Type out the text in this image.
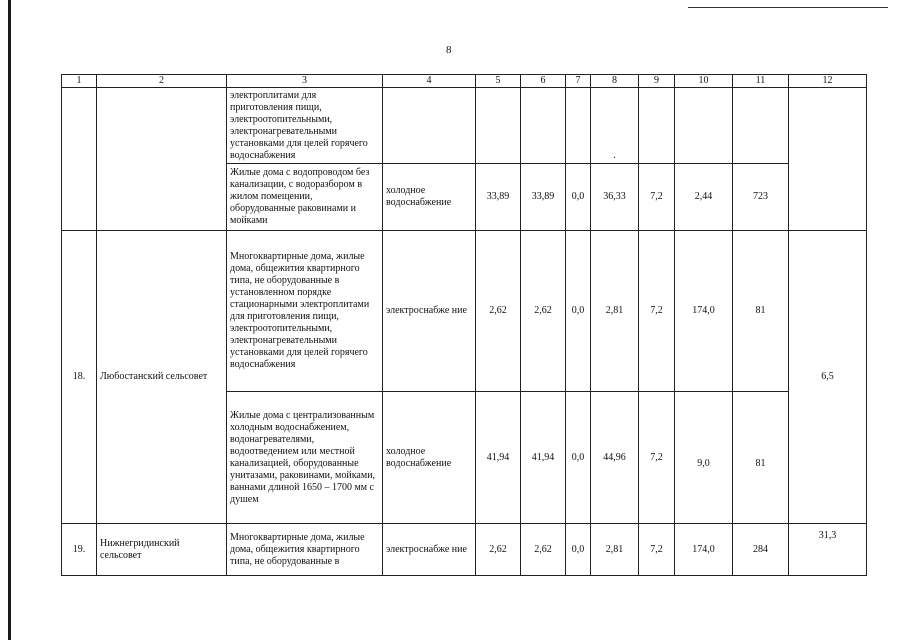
8
1	2	3	4	5	6	7	8	9	10	11	12
		электроплитами для приготовления пищи, электроотопительными, электронагревательными установками для целей горячего водоснабжения					.				
		Жилые дома с водопроводом без канализации, с водоразбором в жилом помещении, оборудованные раковинами и мойками	холодное водоснабжение	33,89	33,89	0,0	36,33	7,2	2,44	723	
18.	Любостанский сельсовет	Многоквартирные дома, жилые дома, общежития квартирного типа, не оборудованные в установленном порядке стационарными электроплитами для приготовления пищи, электроотопительными, электронагревательными установками для целей горячего водоснабжения	электроснабже ние	2,62	2,62	0,0	2,81	7,2	174,0	81	6,5
		Жилые дома с централизованным холодным водоснабжением, водонагревателями, водоотведением или местной канализацией, оборудованные унитазами, раковинами, мойками, ваннами длиной 1650 – 1700 мм с душем	холодное водоснабжение	41,94	41,94	0,0	44,96	7,2	9,0	81	
19.	Нижнегридинский сельсовет	Многоквартирные дома, жилые дома, общежития квартирного типа, не оборудованные в	электроснабже ние	2,62	2,62	0,0	2,81	7,2	174,0	284	31,3
